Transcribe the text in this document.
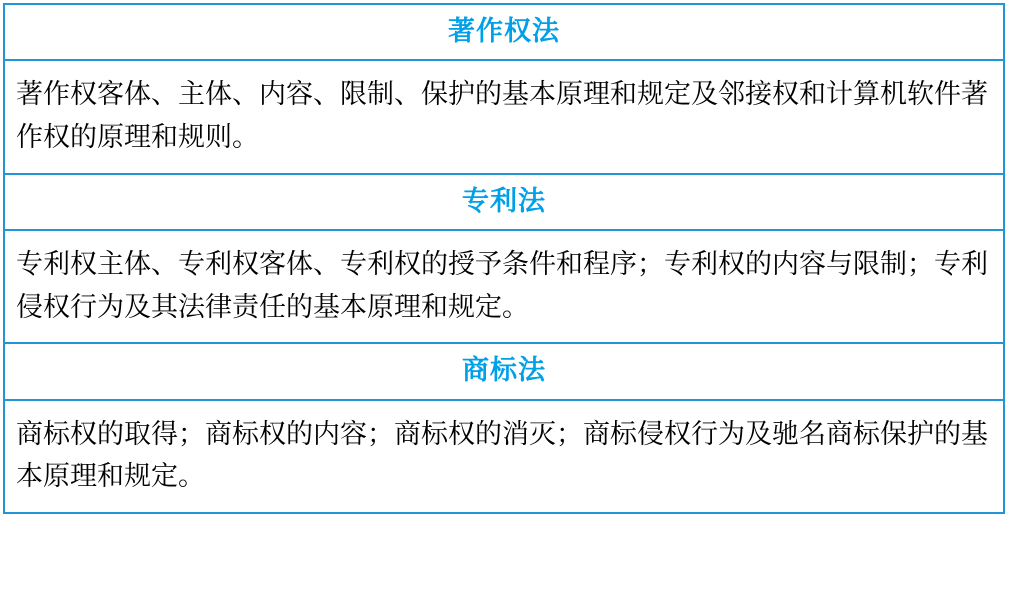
著作权法
著作权客体、主体、内容、限制、保护的基本原理和规定及邻接权和计算机软件著作权的原理和规则。
专利法
专利权主体、专利权客体、专利权的授予条件和程序；专利权的内容与限制；专利侵权行为及其法律责任的基本原理和规定。
商标法
商标权的取得；商标权的内容；商标权的消灭；商标侵权行为及驰名商标保护的基本原理和规定。
